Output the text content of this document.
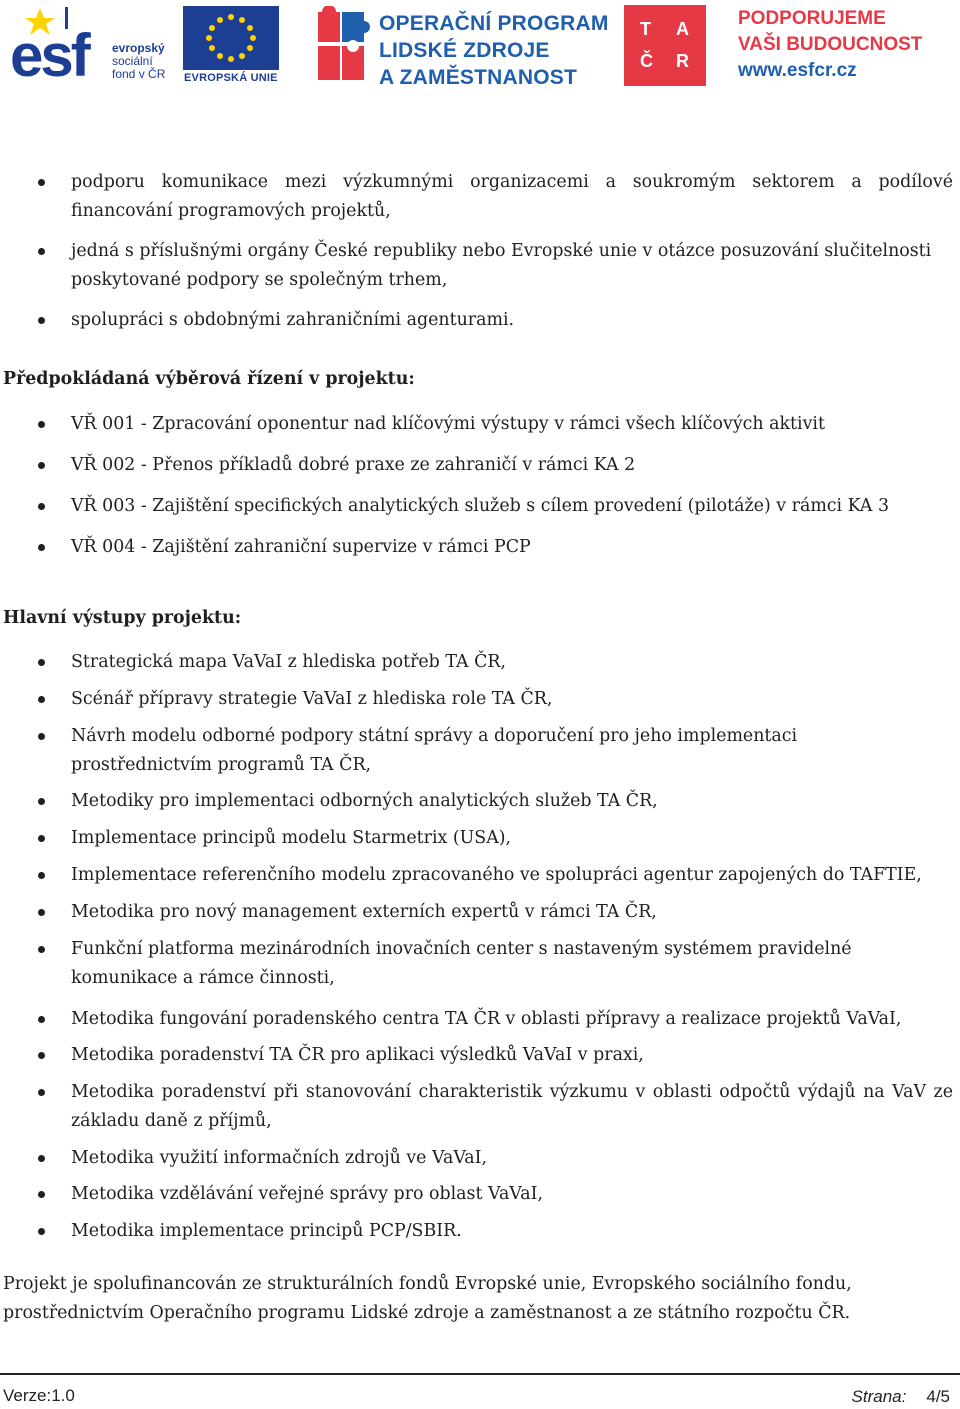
esf evropský
sociální
fond v ČR EVROPSKÁ UNIE
OPERAČNÍ PROGRAM
LIDSKÉ ZDROJE
A ZAMĚSTNANOST
T A
Č R
PODPORUJEME
VAŠI BUDOUCNOST
www.esfcr.cz
podporu komunikace mezi výzkumnými organizacemi a soukromým sektorem a podílové financování programových projektů,
jedná s příslušnými orgány České republiky nebo Evropské unie v otázce posuzování slučitelnosti poskytované podpory se společným trhem,
spolupráci s obdobnými zahraničními agenturami.
Předpokládaná výběrová řízení v projektu:
VŘ 001 - Zpracování oponentur nad klíčovými výstupy v rámci všech klíčových aktivit
VŘ 002 - Přenos příkladů dobré praxe ze zahraničí v rámci KA 2
VŘ 003 - Zajištění specifických analytických služeb s cílem provedení (pilotáže) v rámci KA 3
VŘ 004 - Zajištění zahraniční supervize v rámci PCP
Hlavní výstupy projektu:
Strategická mapa VaVaI z hlediska potřeb TA ČR,
Scénář přípravy strategie VaVaI z hlediska role TA ČR,
Návrh modelu odborné podpory státní správy a doporučení pro jeho implementaci prostřednictvím programů TA ČR,
Metodiky pro implementaci odborných analytických služeb TA ČR,
Implementace principů modelu Starmetrix (USA),
Implementace referenčního modelu zpracovaného ve spolupráci agentur zapojených do TAFTIE,
Metodika pro nový management externích expertů v rámci TA ČR,
Funkční platforma mezinárodních inovačních center s nastaveným systémem pravidelné komunikace a rámce činnosti,
Metodika fungování poradenského centra TA ČR v oblasti přípravy a realizace projektů VaVaI,
Metodika poradenství TA ČR pro aplikaci výsledků VaVaI v praxi,
Metodika poradenství při stanovování charakteristik výzkumu v oblasti odpočtů výdajů na VaV ze základu daně z příjmů,
Metodika využití informačních zdrojů ve VaVaI,
Metodika vzdělávání veřejné správy pro oblast VaVaI,
Metodika implementace principů PCP/SBIR.
Projekt je spolufinancován ze strukturálních fondů Evropské unie, Evropského sociálního fondu, prostřednictvím Operačního programu Lidské zdroje a zaměstnanost a ze státního rozpočtu ČR.
Verze:1.0	Strana: 4/5
